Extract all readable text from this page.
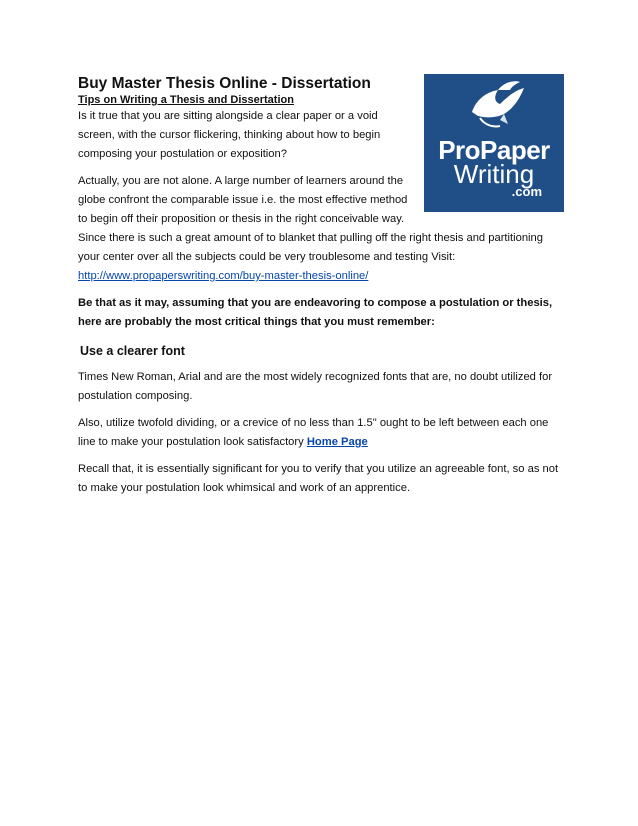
ProPaper
Writing
.com
Buy Master Thesis Online - Dissertation
Tips on Writing a Thesis and Dissertation

Is it true that you are sitting alongside a clear paper or a void screen, with the cursor flickering, thinking about how to begin composing your postulation or exposition?

Actually, you are not alone. A large number of learners around the globe confront the comparable issue i.e. the most effective method to begin off their proposition or thesis in the right conceivable way. Since there is such a great amount of to blanket that pulling off the right thesis and partitioning your center over all the subjects could be very troublesome and testing Visit: http://www.propaperswriting.com/buy-master-thesis-online/

Be that as it may, assuming that you are endeavoring to compose a postulation or thesis, here are probably the most critical things that you must remember:

Use a clearer font

Times New Roman, Arial and are the most widely recognized fonts that are, no doubt utilized for postulation composing.

Also, utilize twofold dividing, or a crevice of no less than 1.5" ought to be left between each one line to make your postulation look satisfactory Home Page

Recall that, it is essentially significant for you to verify that you utilize an agreeable font, so as not to make your postulation look whimsical and work of an apprentice.
